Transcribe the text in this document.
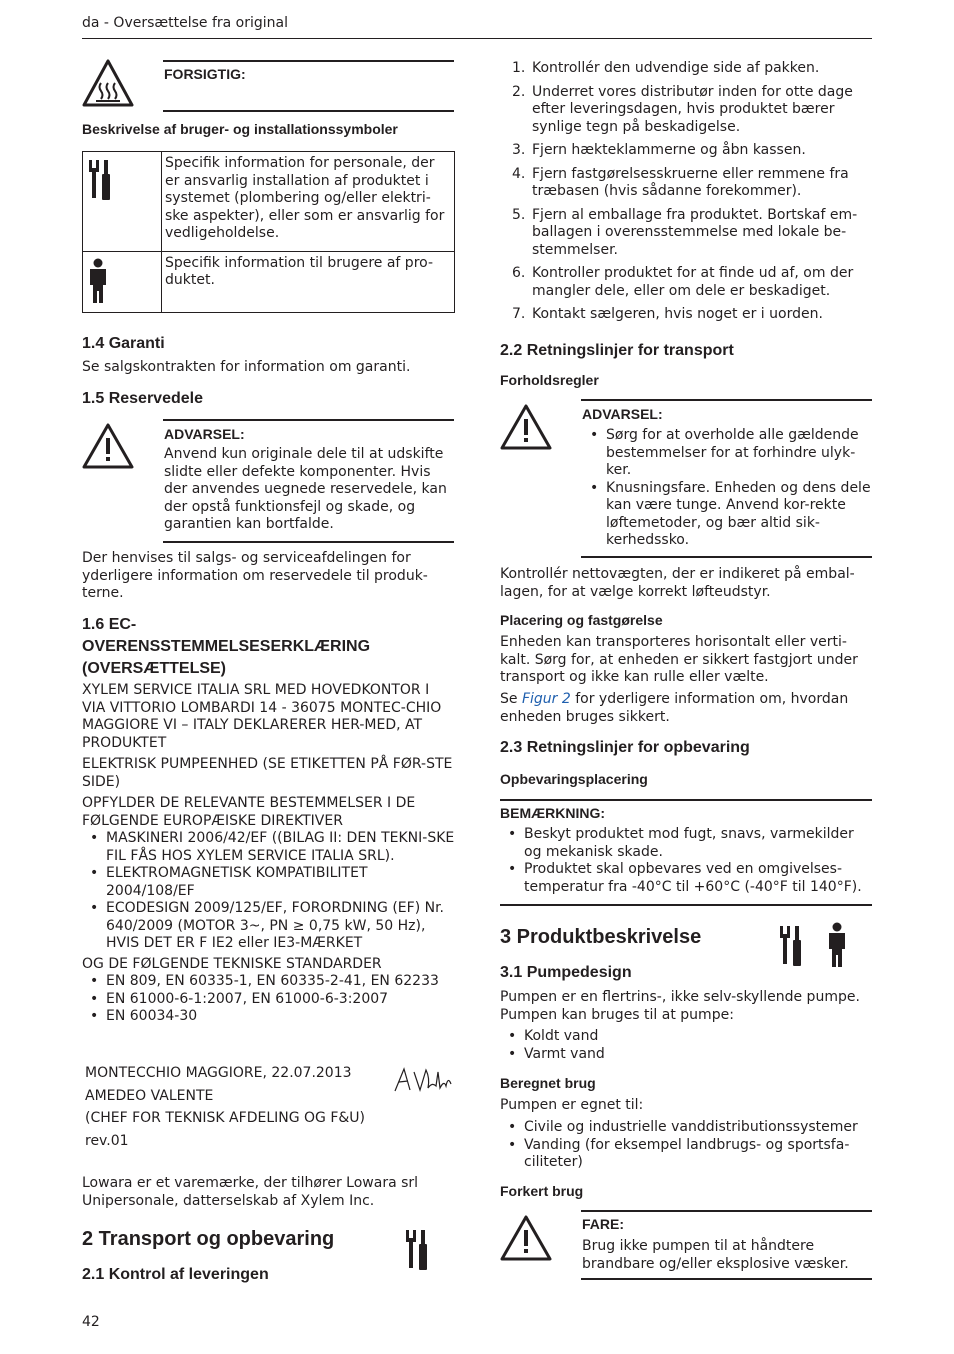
da - Oversættelse fra original
FORSIGTIG:
Beskrivelse af bruger- og installationssymboler
	Specifik information for personale, der er ansvarlig installation af produktet i systemet (plombering og/eller elektri-ske aspekter), eller som er ansvarlig for vedligeholdelse.
	Specifik information til brugere af pro-duktet.
1.4 Garanti
Se salgskontrakten for information om garanti.
1.5 Reservedele
ADVARSEL:
Anvend kun originale dele til at udskifte slidte eller defekte komponenter. Hvis der anvendes uegnede reservedele, kan der opstå funktionsfejl og skade, og garantien kan bortfalde.
Der henvises til salgs- og serviceafdelingen for yderligere information om reservedele til produk-terne.
1.6 EC-
OVERENSSTEMMELSESERKLÆRING
(OVERSÆTTELSE)
XYLEM SERVICE ITALIA SRL MED HOVEDKONTOR I VIA VITTORIO LOMBARDI 14 - 36075 MONTEC-CHIO MAGGIORE VI – ITALY DEKLARERER HER-MED, AT PRODUKTET
ELEKTRISK PUMPEENHED (SE ETIKETTEN PÅ FØR-STE SIDE)
OPFYLDER DE RELEVANTE BESTEMMELSER I DE FØLGENDE EUROPÆISKE DIREKTIVER
• MASKINERI 2006/42/EF ((BILAG II: DEN TEKNI-SKE FIL FÅS HOS XYLEM SERVICE ITALIA SRL).
• ELEKTROMAGNETISK KOMPATIBILITET 2004/108/EF
• ECODESIGN 2009/125/EF, FORORDNING (EF) Nr. 640/2009 (MOTOR 3~, PN ≥ 0,75 kW, 50 Hz), HVIS DET ER F IE2 eller IE3-MÆRKET
OG DE FØLGENDE TEKNISKE STANDARDER
• EN 809, EN 60335-1, EN 60335-2-41, EN 62233
• EN 61000-6-1:2007, EN 61000-6-3:2007
• EN 60034-30
MONTECCHIO MAGGIORE, 22.07.2013
AMEDEO VALENTE
(CHEF FOR TEKNISK AFDELING OG F&U)
rev.01
Lowara er et varemærke, der tilhører Lowara srl Unipersonale, datterselskab af Xylem Inc.
2 Transport og opbevaring
2.1 Kontrol af leveringen
42
1. Kontrollér den udvendige side af pakken.
2. Underret vores distributør inden for otte dage efter leveringsdagen, hvis produktet bærer synlige tegn på beskadigelse.
3. Fjern hækteklammerne og åbn kassen.
4. Fjern fastgørelsesskruerne eller remmene fra træbasen (hvis sådanne forekommer).
5. Fjern al emballage fra produktet. Bortskaf em-ballagen i overensstemmelse med lokale be-stemmelser.
6. Kontroller produktet for at finde ud af, om der mangler dele, eller om dele er beskadiget.
7. Kontakt sælgeren, hvis noget er i uorden.
2.2 Retningslinjer for transport
Forholdsregler
ADVARSEL:
• Sørg for at overholde alle gældende bestemmelser for at forhindre ulyk-ker.
• Knusningsfare. Enheden og dens dele kan være tunge. Anvend kor-rekte løftemetoder, og bær altid sik-kerhedssko.
Kontrollér nettovægten, der er indikeret på embal-lagen, for at vælge korrekt løfteudstyr.
Placering og fastgørelse
Enheden kan transporteres horisontalt eller verti-kalt. Sørg for, at enheden er sikkert fastgjort under transport og ikke kan rulle eller vælte.
Se Figur 2 for yderligere information om, hvordan enheden bruges sikkert.
2.3 Retningslinjer for opbevaring
Opbevaringsplacering
BEMÆRKNING:
• Beskyt produktet mod fugt, snavs, varmekilder og mekanisk skade.
• Produktet skal opbevares ved en omgivelses-temperatur fra -40°C til +60°C (-40°F til 140°F).
3 Produktbeskrivelse
3.1 Pumpedesign
Pumpen er en flertrins-, ikke selv-skyllende pumpe. Pumpen kan bruges til at pumpe:
• Koldt vand
• Varmt vand
Beregnet brug
Pumpen er egnet til:
• Civile og industrielle vanddistributionssystemer
• Vanding (for eksempel landbrugs- og sportsfa-ciliteter)
Forkert brug
FARE:
Brug ikke pumpen til at håndtere brandbare og/eller eksplosive væsker.
